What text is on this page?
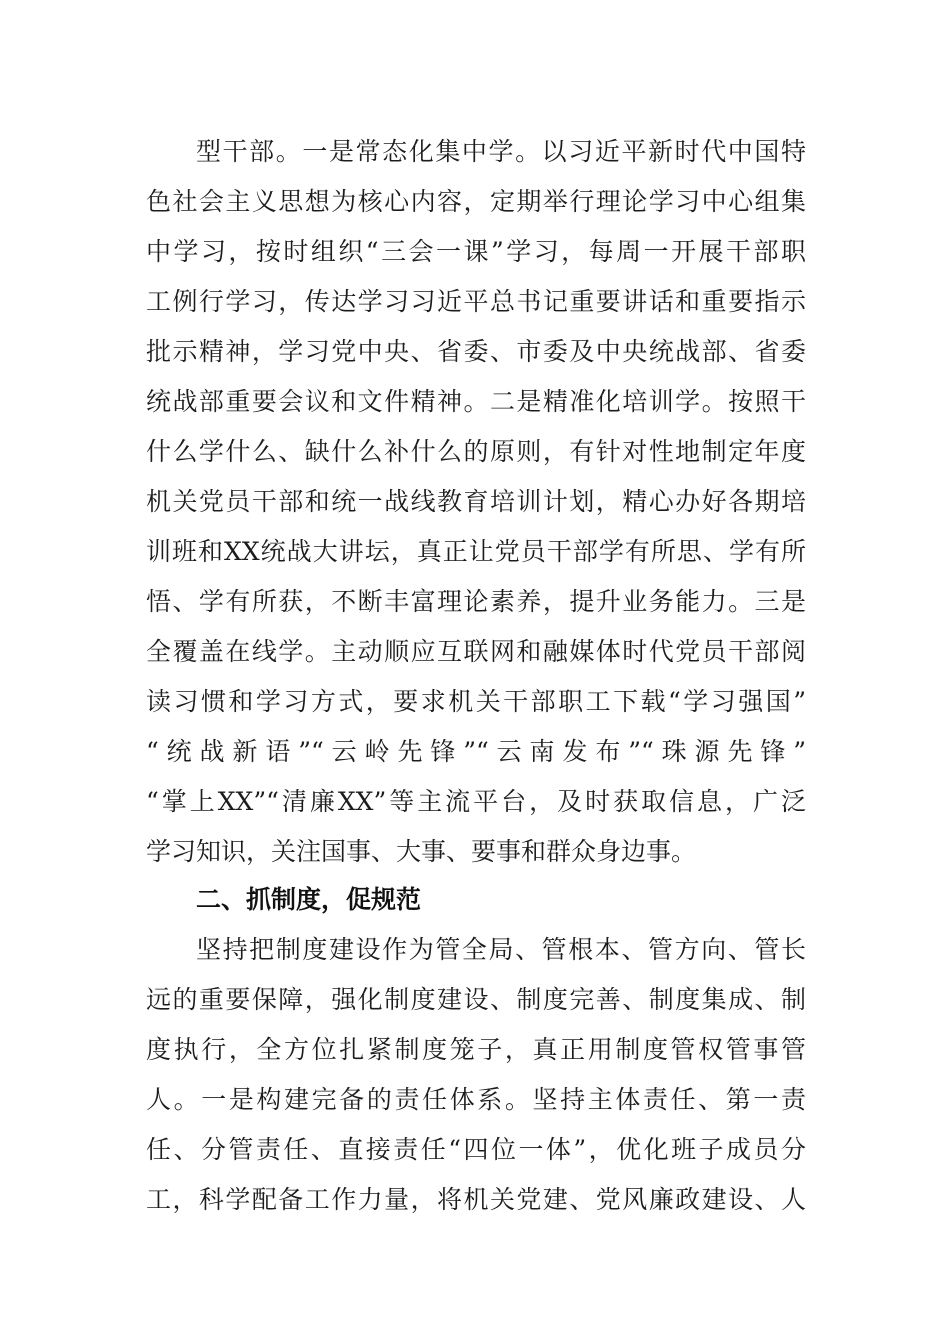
型干部。一是常态化集中学。以习近平新时代中国特
色社会主义思想为核心内容，定期举行理论学习中心组集
中学习，按时组织“三会一课”学习，每周一开展干部职
工例行学习，传达学习习近平总书记重要讲话和重要指示
批示精神，学习党中央、省委、市委及中央统战部、省委
统战部重要会议和文件精神。二是精准化培训学。按照干
什么学什么、缺什么补什么的原则，有针对性地制定年度
机关党员干部和统一战线教育培训计划，精心办好各期培
训班和XX统战大讲坛，真正让党员干部学有所思、学有所
悟、学有所获，不断丰富理论素养，提升业务能力。三是
全覆盖在线学。主动顺应互联网和融媒体时代党员干部阅
读习惯和学习方式，要求机关干部职工下载“学习强国”
“统战新语”“云岭先锋”“云南发布”“珠源先锋”
“掌上XX”“清廉XX”等主流平台，及时获取信息，广泛
学习知识，关注国事、大事、要事和群众身边事。
二、抓制度，促规范
坚持把制度建设作为管全局、管根本、管方向、管长
远的重要保障，强化制度建设、制度完善、制度集成、制
度执行，全方位扎紧制度笼子，真正用制度管权管事管
人。一是构建完备的责任体系。坚持主体责任、第一责
任、分管责任、直接责任“四位一体”，优化班子成员分
工，科学配备工作力量，将机关党建、党风廉政建设、人
